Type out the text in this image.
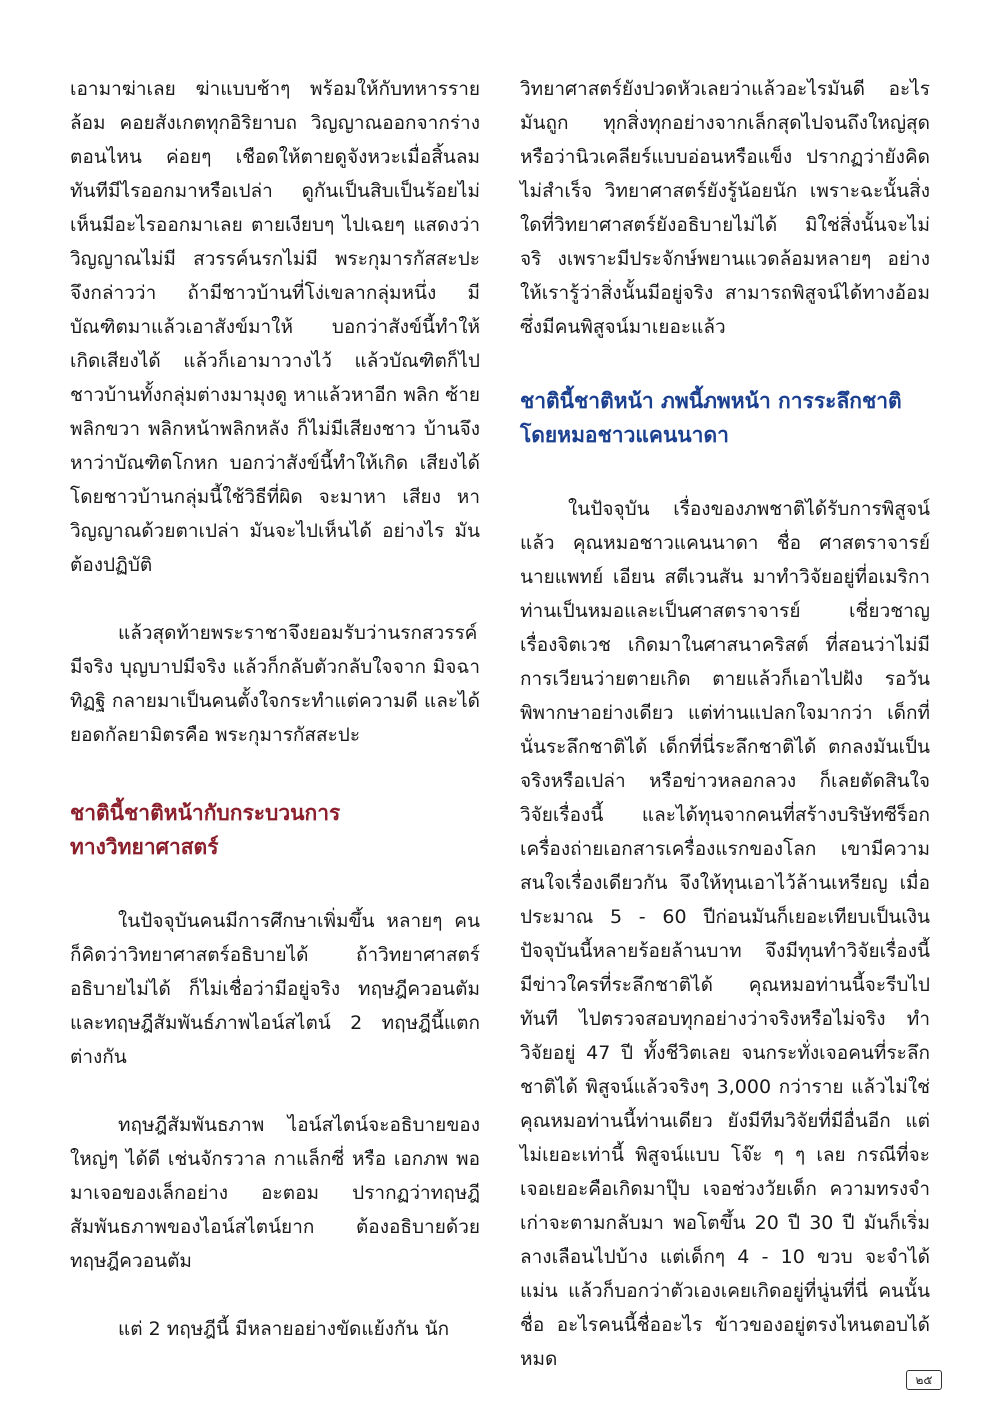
เอามาฆ่าเลย ฆ่าแบบช้าๆ พร้อมให้กับทหารราย ล้อม คอยสังเกตทุกอิริยาบถ วิญญาณออกจากร่าง ตอนไหน ค่อยๆ เชือดให้ตายดูจังหวะเมื่อสิ้นลม ทันทีมีไรออกมาหรือเปล่า ดูกันเป็นสิบเป็นร้อยไม่ เห็นมีอะไรออกมาเลย ตายเงียบๆ ไปเฉยๆ แสดงว่า วิญญาณไม่มี สวรรค์นรกไม่มี พระกุมารกัสสะปะ จึงกล่าวว่า ถ้ามีชาวบ้านที่โง่เขลากลุ่มหนึ่ง มี บัณฑิตมาแล้วเอาสังข์มาให้ บอกว่าสังข์นี้ทำให้ เกิดเสียงได้ แล้วก็เอามาวางไว้ แล้วบัณฑิตก็ไป ชาวบ้านทั้งกลุ่มต่างมามุงดู หาแล้วหาอีก พลิก ซ้ายพลิกขวา พลิกหน้าพลิกหลัง ก็ไม่มีเสียงชาว บ้านจึงหาว่าบัณฑิตโกหก บอกว่าสังข์นี้ทำให้เกิด เสียงได้ โดยชาวบ้านกลุ่มนี้ใช้วิธีที่ผิด จะมาหา เสียง หาวิญญาณด้วยตาเปล่า มันจะไปเห็นได้ อย่างไร มันต้องปฏิบัติ

แล้วสุดท้ายพระราชาจึงยอมรับว่านรกสวรรค์ มีจริง บุญบาปมีจริง แล้วก็กลับตัวกลับใจจาก มิจฉาทิฏฐิ กลายมาเป็นคนตั้งใจกระทำแต่ความดี และได้ยอดกัลยามิตรคือ พระกุมารกัสสะปะ

ชาตินี้ชาติหน้ากับกระบวนการ
ทางวิทยาศาสตร์

ในปัจจุบันคนมีการศึกษาเพิ่มขึ้น หลายๆ คน ก็คิดว่าวิทยาศาสตร์อธิบายได้ ถ้าวิทยาศาสตร์ อธิบายไม่ได้ ก็ไม่เชื่อว่ามีอยู่จริง ทฤษฎีควอนตัม และทฤษฎีสัมพันธ์ภาพไอน์สไตน์ 2 ทฤษฎีนี้แตก ต่างกัน

ทฤษฎีสัมพันธภาพ ไอน์สไตน์จะอธิบายของ ใหญ่ๆ ได้ดี เช่นจักรวาล กาแล็กซี่ หรือ เอกภพ พอ มาเจอของเล็กอย่าง อะตอม ปรากฏว่าทฤษฎี สัมพันธภาพของไอน์สไตน์ยาก ต้องอธิบายด้วย ทฤษฎีควอนตัม

แต่ 2 ทฤษฎีนี้ มีหลายอย่างขัดแย้งกัน นัก

วิทยาศาสตร์ยังปวดหัวเลยว่าแล้วอะไรมันดี อะไร มันถูก ทุกสิ่งทุกอย่างจากเล็กสุดไปจนถึงใหญ่สุด หรือว่านิวเคลียร์แบบอ่อนหรือแข็ง ปรากฏว่ายังคิด ไม่สำเร็จ วิทยาศาสตร์ยังรู้น้อยนัก เพราะฉะนั้นสิ่ง ใดที่วิทยาศาสตร์ยังอธิบายไม่ได้ มิใช่สิ่งนั้นจะไม่ จริ งเพราะมีประจักษ์พยานแวดล้อมหลายๆ อย่าง ให้เรารู้ว่าสิ่งนั้นมีอยู่จริง สามารถพิสูจน์ได้ทางอ้อม ซึ่งมีคนพิสูจน์มาเยอะแล้ว

ชาตินี้ชาติหน้า ภพนี้ภพหน้า การระลึกชาติ
โดยหมอชาวแคนนาดา

ในปัจจุบัน เรื่องของภพชาติได้รับการพิสูจน์ แล้ว คุณหมอชาวแคนนาดา ชื่อ ศาสตราจารย์ นายแพทย์ เอียน สตีเวนสัน มาทำวิจัยอยู่ที่อเมริกา ท่านเป็นหมอและเป็นศาสตราจารย์ เชี่ยวชาญ เรื่องจิตเวช เกิดมาในศาสนาคริสต์ ที่สอนว่าไม่มี การเวียนว่ายตายเกิด ตายแล้วก็เอาไปฝัง รอวัน พิพากษาอย่างเดียว แต่ท่านแปลกใจมากว่า เด็กที่ นั่นระลึกชาติได้ เด็กที่นี่ระลึกชาติได้ ตกลงมันเป็น จริงหรือเปล่า หรือข่าวหลอกลวง ก็เลยตัดสินใจ วิจัยเรื่องนี้ และได้ทุนจากคนที่สร้างบริษัทซีร็อก เครื่องถ่ายเอกสารเครื่องแรกของโลก เขามีความ สนใจเรื่องเดียวกัน จึงให้ทุนเอาไว้ล้านเหรียญ เมื่อ ประมาณ 5 - 60 ปีก่อนมันก็เยอะเทียบเป็นเงิน ปัจจุบันนี้หลายร้อยล้านบาท จึงมีทุนทำวิจัยเรื่องนี้ มีข่าวใครที่ระลึกชาติได้ คุณหมอท่านนี้จะรีบไป ทันที ไปตรวจสอบทุกอย่างว่าจริงหรือไม่จริง ทำ วิจัยอยู่ 47 ปี ทั้งชีวิตเลย จนกระทั่งเจอคนที่ระลึก ชาติได้ พิสูจน์แล้วจริงๆ 3,000 กว่าราย แล้วไม่ใช่ คุณหมอท่านนี้ท่านเดียว ยังมีทีมวิจัยที่มีอื่นอีก แต่ ไม่เยอะเท่านี้ พิสูจน์แบบ โจ๊ะ ๆ ๆ เลย กรณีที่จะ เจอเยอะคือเกิดมาปุ๊บ เจอช่วงวัยเด็ก ความทรงจำ เก่าจะตามกลับมา พอโตขึ้น 20 ปี 30 ปี มันก็เริ่ม ลางเลือนไปบ้าง แต่เด็กๆ 4 - 10 ขวบ จะจำได้แม่น แล้วก็บอกว่าตัวเองเคยเกิดอยู่ที่นู่นที่นี่ คนนั้นชื่อ อะไรคนนี้ชื่ออะไร ข้าวของอยู่ตรงไหนตอบได้หมด

๒๕
